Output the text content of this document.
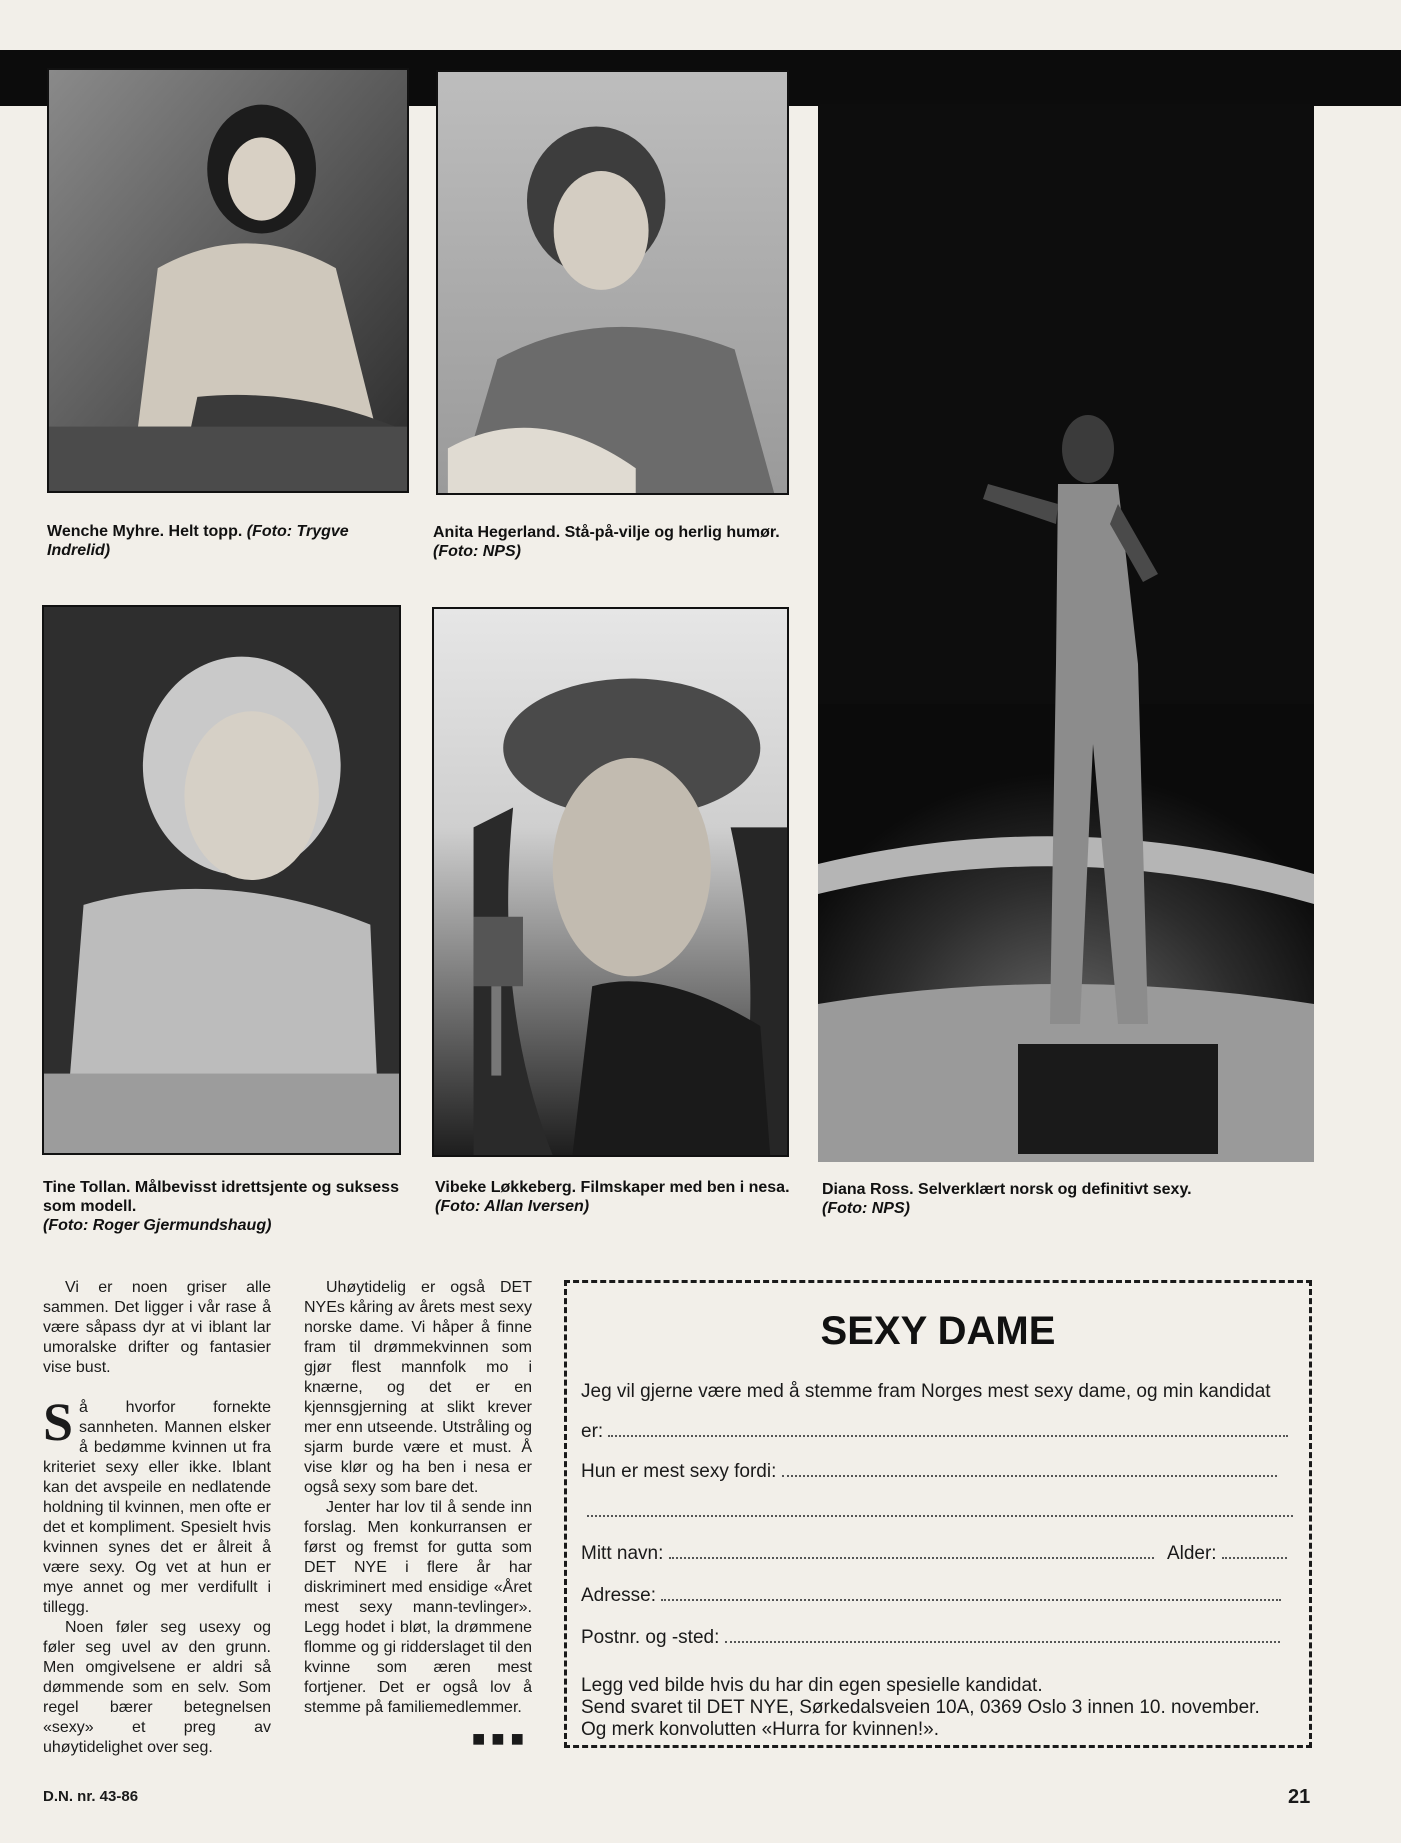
Wenche Myhre. Helt topp. (Foto: Trygve Indrelid)
Anita Hegerland. Stå-på-vilje og herlig humør. (Foto: NPS)
Tine Tollan. Målbevisst idrettsjente og suksess som modell.
(Foto: Roger Gjermundshaug)
Vibeke Løkkeberg. Filmskaper med ben i nesa. (Foto: Allan Iversen)
Diana Ross. Selverklært norsk og definitivt sexy.
(Foto: NPS)

Vi er noen griser alle sammen. Det ligger i vår rase å være såpass dyr at vi iblant lar umoralske drifter og fantasier vise bust.

Så hvorfor fornekte sannheten. Mannen elsker å bedømme kvinnen ut fra kriteriet sexy eller ikke. Iblant kan det avspeile en nedlatende holdning til kvinnen, men ofte er det et kompliment. Spesielt hvis kvinnen synes det er ålreit å være sexy. Og vet at hun er mye annet og mer verdifullt i tillegg.

Noen føler seg usexy og føler seg uvel av den grunn. Men omgivelsene er aldri så dømmende som en selv. Som regel bærer betegnelsen «sexy» et preg av uhøytidelighet over seg.

Uhøytidelig er også DET NYEs kåring av årets mest sexy norske dame. Vi håper å finne fram til drømmekvinnen som gjør flest mannfolk mo i knærne, og det er en kjennsgjerning at slikt krever mer enn utseende. Utstråling og sjarm burde være et must. Å vise klør og ha ben i nesa er også sexy som bare det.

Jenter har lov til å sende inn forslag. Men konkurransen er først og fremst for gutta som DET NYE i flere år har diskriminert med ensidige «Året mest sexy mann-tevlinger». Legg hodet i bløt, la drømmene flomme og gi ridderslaget til den kvinne som æren mest fortjener. Det er også lov å stemme på familiemedlemmer.

■■■
SEXY DAME
Jeg vil gjerne være med å stemme fram Norges mest sexy dame, og min kandidat
er:
Hun er mest sexy fordi:
Mitt navn:	Alder:
Adresse:
Postnr. og -sted:
Legg ved bilde hvis du har din egen spesielle kandidat.
Send svaret til DET NYE, Sørkedalsveien 10A, 0369 Oslo 3 innen 10. november.
Og merk konvolutten «Hurra for kvinnen!».
D.N. nr. 43-86	21
